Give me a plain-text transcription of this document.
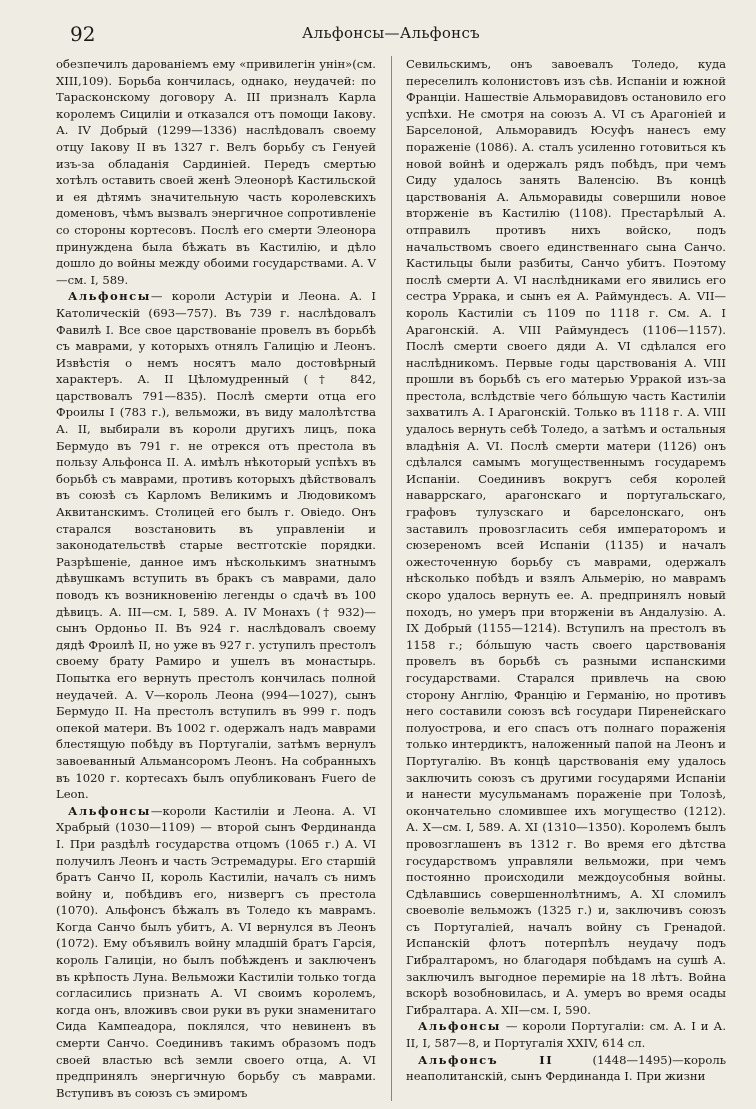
92	Альфонсы—Альфонсъ

обезпечилъ дарованіемъ ему «привилегін унін»(см. XIII,109). Борьба кончилась, однако, неудачей: по Тарасконскому договору А. III призналъ Карла королемъ Сициліи и отказался отъ помощи Іакову. А. IV Добрый (1299—1336) наслѣдовалъ своему отцу Іакову II въ 1327 г. Велъ борьбу съ Генуей изъ-за обладанія Сардиніей. Передъ смертью хотѣлъ оставить своей женѣ Элеонорѣ Кастильской и ея дѣтямъ значительную часть королевскихъ доменовъ, чѣмъ вызвалъ энергичное сопротивленіе со стороны кортесовъ. Послѣ его смерти Элеонора принуждена была бѣжать въ Кастилію, и дѣло дошло до войны между обоими государствами. А. V—см. I, 589.

Альфонсы— короли Астуріи и Леона. А. I Католическій (693—757). Въ 739 г. наслѣдовалъ Фавилѣ I. Все свое царствованіе провелъ въ борьбѣ съ маврами, у которыхъ отнялъ Галицію и Леонъ. Извѣстія о немъ носятъ мало достовѣрный характеръ. А. II Цѣломудренный († 842, царствовалъ 791—835). Послѣ смерти отца его Фроилы I (783 г.), вельможи, въ виду малолѣтства А. II, выбирали въ короли другихъ лицъ, пока Бермудо въ 791 г. не отрекся отъ престола въ пользу Альфонса II. А. имѣлъ нѣкоторый успѣхъ въ борьбѣ съ маврами, противъ которыхъ дѣйствовалъ въ союзѣ съ Карломъ Великимъ и Людовикомъ Аквитанскимъ. Столицей его былъ г. Овіедо. Онъ старался возстановить въ управленіи и законодательствѣ старые вестготскіе порядки. Разрѣшеніе, данное имъ нѣсколькимъ знатнымъ дѣвушкамъ вступить въ бракъ съ маврами, дало поводъ къ возникновенію легенды о сдачѣ въ 100 дѣвицъ. А. III—см. I, 589. А. IV Монахъ († 932)—сынъ Ордоньо II. Въ 924 г. наслѣдовалъ своему дядѣ Фроилѣ II, но уже въ 927 г. уступилъ престолъ своему брату Рамиро и ушелъ въ монастырь. Попытка его вернуть престолъ кончилась полной неудачей. А. V—король Леона (994—1027), сынъ Бермудо II. На престолъ вступилъ въ 999 г. подъ опекой матери. Въ 1002 г. одержалъ надъ маврами блестящую побѣду въ Португаліи, затѣмъ вернулъ завоеванный Альмансоромъ Леонъ. На собранныхъ въ 1020 г. кортесахъ былъ опубликованъ Fuero de Leon.

Альфонсы—короли Кастиліи и Леона. А. VI Храбрый (1030—1109) — второй сынъ Фердинанда I. При раздѣлѣ государства отцомъ (1065 г.) А. VI получилъ Леонъ и часть Эстремадуры. Его старшій братъ Санчо II, король Кастиліи, началъ съ нимъ войну и, побѣдивъ его, низвергъ съ престола (1070). Альфонсъ бѣжалъ въ Толедо къ маврамъ. Когда Санчо былъ убитъ, А. VI вернулся въ Леонъ (1072). Ему объявилъ войну младшій братъ Гарсія, король Галиціи, но былъ побѣжденъ и заключенъ въ крѣпость Луна. Вельможи Кастиліи только тогда согласились признать А. VI своимъ королемъ, когда онъ, вложивъ свои руки въ руки знаменитаго Сида Кампеадора, поклялся, что невиненъ въ смерти Санчо. Соединивъ такимъ образомъ подъ своей властью всѣ земли своего отца, А. VI предпринялъ энергичную борьбу съ маврами. Вступивъ въ союзъ съ эмиромъ

Севильскимъ, онъ завоевалъ Толедо, куда переселилъ колонистовъ изъ сѣв. Испаніи и южной Франціи. Нашествіе Альморавидовъ остановило его успѣхи. Не смотря на союзъ А. VI съ Арагоніей и Барселоной, Альморавидъ Юсуфъ нанесъ ему пораженіе (1086). А. сталъ усиленно готовиться къ новой войнѣ и одержалъ рядъ побѣдъ, при чемъ Сиду удалось занять Валенсію. Въ концѣ царствованія А. Альморавиды совершили новое вторженіе въ Кастилію (1108). Престарѣлый А. отправилъ противъ нихъ войско, подъ начальствомъ своего единственнаго сына Санчо. Кастильцы были разбиты, Санчо убитъ. Поэтому послѣ смерти А. VI наслѣдниками его явились его сестра Уррака, и сынъ ея А. Раймундесъ. А. VII—король Кастиліи съ 1109 по 1118 г. См. А. I Арагонскій. А. VIII Раймундесъ (1106—1157). Послѣ смерти своего дяди А. VI сдѣлался его наслѣдникомъ. Первые годы царствованія А. VIII прошли въ борьбѣ съ его матерью Урракой изъ-за престола, вслѣдствіе чего бóльшую часть Кастиліи захватилъ А. I Арагонскій. Только въ 1118 г. А. VIII удалось вернуть себѣ Толедо, а затѣмъ и остальныя владѣнія А. VI. Послѣ смерти матери (1126) онъ сдѣлался самымъ могущественнымъ государемъ Испаніи. Соединивъ вокругъ себя королей наваррскаго, арагонскаго и португальскаго, графовъ тулузскаго и барселонскаго, онъ заставилъ провозгласить себя императоромъ и сюзереномъ всей Испаніи (1135) и началъ ожесточенную борьбу съ маврами, одержалъ нѣсколько побѣдъ и взялъ Альмерію, но маврамъ скоро удалось вернуть ее. А. предпринялъ новый походъ, но умеръ при вторженіи въ Андалузію. А. IX Добрый (1155—1214). Вступилъ на престолъ въ 1158 г.; бóльшую часть своего царствованія провелъ въ борьбѣ съ разными испанскими государствами. Старался привлечь на свою сторону Англію, Францію и Германію, но противъ него составили союзъ всѣ государи Пиренейскаго полуострова, и его спасъ отъ полнаго пораженія только интердиктъ, наложенный папой на Леонъ и Португалію. Въ концѣ царствованія ему удалось заключить союзъ съ другими государями Испаніи и нанести мусульманамъ пораженіе при Толозѣ, окончательно сломившее ихъ могущество (1212). А. X—см. I, 589. А. XI (1310—1350). Королемъ былъ провозглашенъ въ 1312 г. Во время его дѣтства государствомъ управляли вельможи, при чемъ постоянно происходили междоусобныя войны. Сдѣлавшись совершеннолѣтнимъ, А. XI сломилъ своеволіе вельможъ (1325 г.) и, заключивъ союзъ съ Португаліей, началъ войну съ Гренадой. Испанскій флотъ потерпѣлъ неудачу подъ Гибралтаромъ, но благодаря побѣдамъ на сушѣ А. заключилъ выгодное перемиріе на 18 лѣтъ. Война вскорѣ возобновилась, и А. умеръ во время осады Гибралтара. А. XII—см. I, 590.

Альфонсы — короли Португаліи: см. А. I и А. II, I, 587—8, и Португалія XXIV, 614 сл.

Альфонсъ II (1448—1495)—король неаполитанскій, сынъ Фердинанда I. При жизни
